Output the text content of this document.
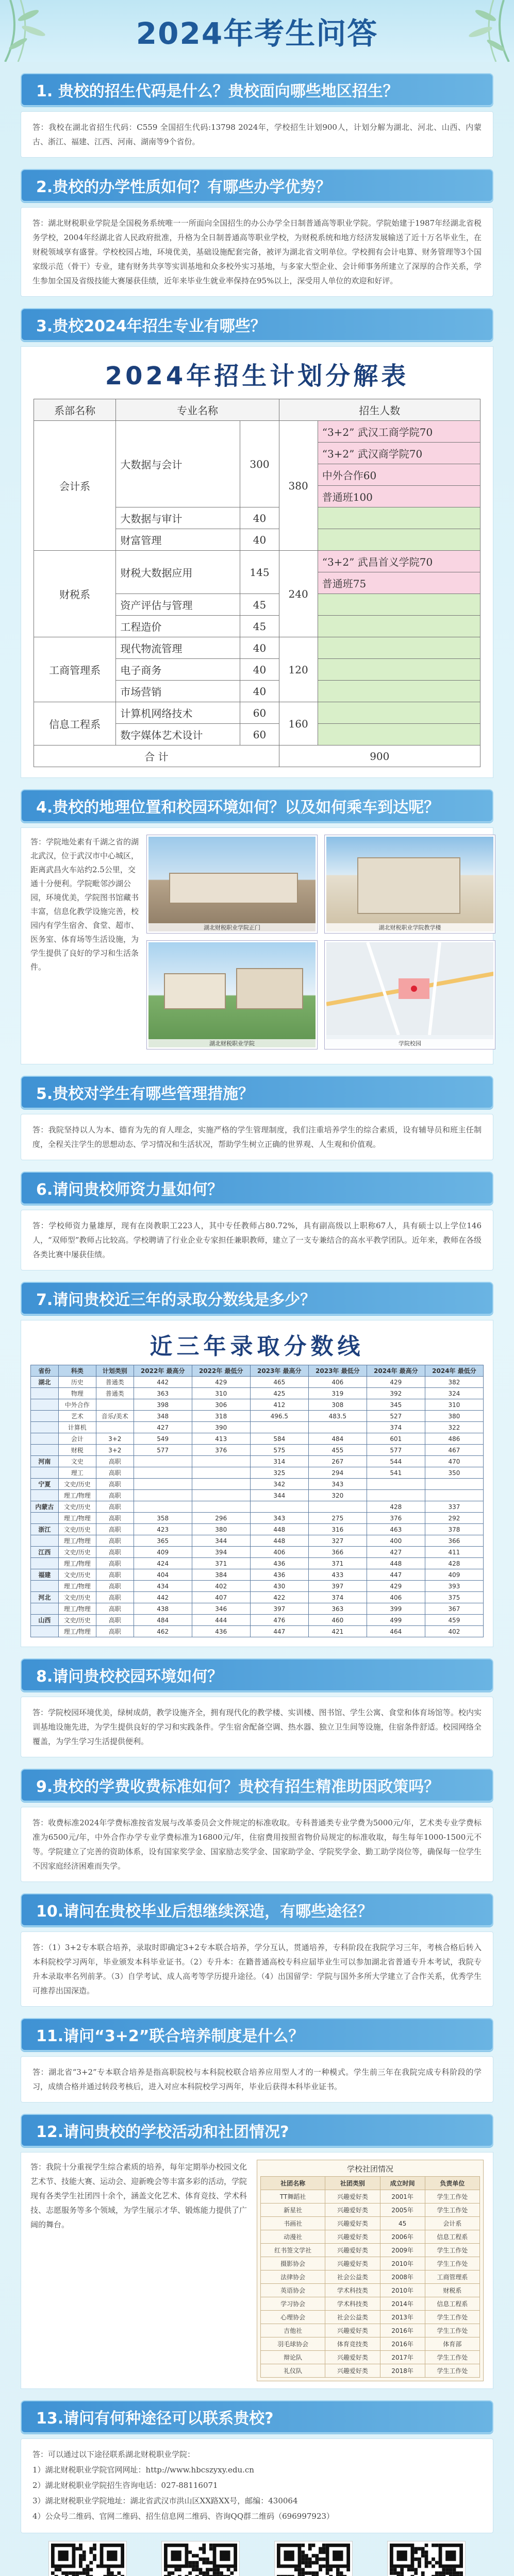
2024年考生问答
1. 贵校的招生代码是什么？贵校面向哪些地区招生？
答：我校在湖北省招生代码：C559 全国招生代码:13798 2024年，学校招生计划900人，计划分解为湖北、河北、山西、内蒙古、浙江、福建、江西、河南、湖南等9个省份。
2.贵校的办学性质如何？有哪些办学优势？
答：湖北财税职业学院是全国税务系统唯一一所面向全国招生的办公办学全日制普通高等职业学院。学院始建于1987年经湖北省税务学校，2004年经湖北省人民政府批准，升格为全日制普通高等职业学校，为财税系统和地方经济发展输送了近十万名毕业生，在财税领域享有盛誉。学校校园占地，环境优美，基础设施配套完备，被评为湖北省文明单位。学校拥有会计电算、财务管理等3个国家级示范（骨干）专业，建有财务共享等实训基地和众多校外实习基地，与多家大型企业、会计师事务所建立了深厚的合作关系，学生参加全国及省级技能大赛屡获佳绩，近年来毕业生就业率保持在95%以上，深受用人单位的欢迎和好评。
3.贵校2024年招生专业有哪些？
2024年招生计划分解表
系部名称	专业名称		招生人数	
会计系	大数据与会计	300	380	“3+2” 武汉工商学院70
				“3+2” 武汉商学院70
				中外合作60
				普通班100
	大数据与审计	40		
	财富管理	40		
财税系	财税大数据应用	145	240	“3+2” 武昌首义学院70
				普通班75
	资产评估与管理	45		
	工程造价	45		
工商管理系	现代物流管理	40	120	
	电子商务	40		
	市场营销	40		
信息工程系	计算机网络技术	60	160	
	数字媒体艺术设计	60		
合 计			900	
4.贵校的地理位置和校园环境如何？以及如何乘车到达呢？
答：学院地处素有千湖之省的湖北武汉，位于武汉市中心城区，距离武昌火车站约2.5公里，交通十分便利。学院毗邻沙湖公园，环境优美，学院图书馆藏书丰富，信息化教学设施完善，校园内有学生宿舍、食堂、超市、医务室、体育场等生活设施，为学生提供了良好的学习和生活条件。
湖北财税职业学院正门	湖北财税职业学院教学楼
湖北财税职业学院	学院校园
5.贵校对学生有哪些管理措施？
答：我院坚持以人为本、德育为先的育人理念，实施严格的学生管理制度，我们注重培养学生的综合素质，设有辅导员和班主任制度，全程关注学生的思想动态、学习情况和生活状况，帮助学生树立正确的世界观、人生观和价值观。
6.请问贵校师资力量如何？
答：学校师资力量雄厚，现有在岗教职工223人，其中专任教师占80.72%，具有副高级以上职称67人，具有硕士以上学位146人，“双师型”教师占比较高。学校聘请了行业企业专家担任兼职教师，建立了一支专兼结合的高水平教学团队。近年来，教师在各级各类比赛中屡获佳绩。
7.请问贵校近三年的录取分数线是多少？
近三年录取分数线
省份	科类	计划类别	2022年 最高分	2022年 最低分	2023年 最高分	2023年 最低分	2024年 最高分	2024年 最低分
湖北	历史	普通类	442	429	465	406	429	382
	物理	普通类	363	310	425	319	392	324
	中外合作		398	306	412	308	345	310
	艺术	音乐/美术	348	318	496.5	483.5	527	380
	计算机		427	390			374	322
	会计	3+2	549	413	584	484	601	486
	财税	3+2	577	376	575	455	577	467
河南	文史	高职			314	267	544	470
	理工	高职			325	294	541	350
宁夏	文史/历史	高职			342	343		
	理工/物理	高职			344	320		
内蒙古	文史/历史	高职					428	337
	理工/物理	高职	358	296	343	275	376	292
浙江	文史/历史	高职	423	380	448	316	463	378
	理工/物理	高职	365	344	448	327	400	366
江西	文史/历史	高职	409	394	406	366	427	411
	理工/物理	高职	424	371	436	371	448	428
福建	文史/历史	高职	404	384	436	433	447	409
	理工/物理	高职	434	402	430	397	429	393
河北	文史/历史	高职	442	407	422	374	406	375
	理工/物理	高职	438	346	397	363	399	367
山西	文史/历史	高职	484	444	476	460	499	459
	理工/物理	高职	462	436	447	421	464	402
8.请问贵校校园环境如何？
答：学院校园环境优美，绿树成荫，教学设施齐全，拥有现代化的教学楼、实训楼、图书馆、学生公寓、食堂和体育场馆等。校内实训基地设施先进，为学生提供良好的学习和实践条件。学生宿舍配备空调、热水器、独立卫生间等设施，住宿条件舒适。校园网络全覆盖，为学生学习生活提供便利。
9.贵校的学费收费标准如何？贵校有招生精准助困政策吗？
答：收费标准2024年学费标准按省发展与改革委员会文件规定的标准收取。专科普通类专业学费为5000元/年，艺术类专业学费标准为6500元/年，中外合作办学专业学费标准为16800元/年，住宿费用按照省物价局规定的标准收取，每生每年1000-1500元不等。学院建立了完善的资助体系，设有国家奖学金、国家励志奖学金、国家助学金、学院奖学金、勤工助学岗位等，确保每一位学生不因家庭经济困难而失学。
10.请问在贵校毕业后想继续深造，有哪些途径？
答：（1）3+2专本联合培养，录取时即确定3+2专本联合培养，学分互认，贯通培养，专科阶段在我院学习三年，考核合格后转入本科院校学习两年，毕业颁发本科毕业证书。（2）专升本：在籍普通高校专科应届毕业生可以参加湖北省普通专升本考试，我院专升本录取率名列前茅。（3）自学考试、成人高考等学历提升途径。（4）出国留学：学院与国外多所大学建立了合作关系，优秀学生可推荐出国深造。
11.请问“3+2”联合培养制度是什么？
答：湖北省“3+2”专本联合培养是指高职院校与本科院校联合培养应用型人才的一种模式。学生前三年在我院完成专科阶段的学习，成绩合格并通过转段考核后，进入对应本科院校学习两年，毕业后获得本科毕业证书。
12.请问贵校的学校活动和社团情况?
答：我院十分重视学生综合素质的培养，每年定期举办校园文化艺术节、技能大赛、运动会、迎新晚会等丰富多彩的活动，学院现有各类学生社团四十余个，涵盖文化艺术、体育竞技、学术科技、志愿服务等多个领域，为学生展示才华、锻炼能力提供了广阔的舞台。
学校社团情况
社团名称	社团类别	成立时间	负责单位
TT舞蹈社	兴趣爱好类	2001年	学生工作处
新星社	兴趣爱好类	2005年	学生工作处
书画社	兴趣爱好类	45	会计系
动漫社	兴趣爱好类	2006年	信息工程系
红书签文学社	兴趣爱好类	2009年	学生工作处
摄影协会	兴趣爱好类	2010年	学生工作处
法律协会	社会公益类	2008年	工商管理系
英语协会	学术科技类	2010年	财税系
学习协会	学术科技类	2014年	信息工程系
心理协会	社会公益类	2013年	学生工作处
吉他社	兴趣爱好类	2016年	学生工作处
羽毛球协会	体育竞技类	2016年	体育部
辩论队	兴趣爱好类	2017年	学生工作处
礼仪队	兴趣爱好类	2018年	学生工作处
13.请问有何种途径可以联系贵校?

答：可以通过以下途径联系湖北财税职业学院：

1）湖北财税职业学院官网网址：http://www.hbcszyxy.edu.cn

2）湖北财税职业学院招生咨询电话：027-88116071

3）湖北财税职业学院地址：湖北省武汉市洪山区XX路XX号，邮编：430064

4）公众号二维码、官网二维码、招生信息网二维码、咨询QQ群二维码（696997923）
